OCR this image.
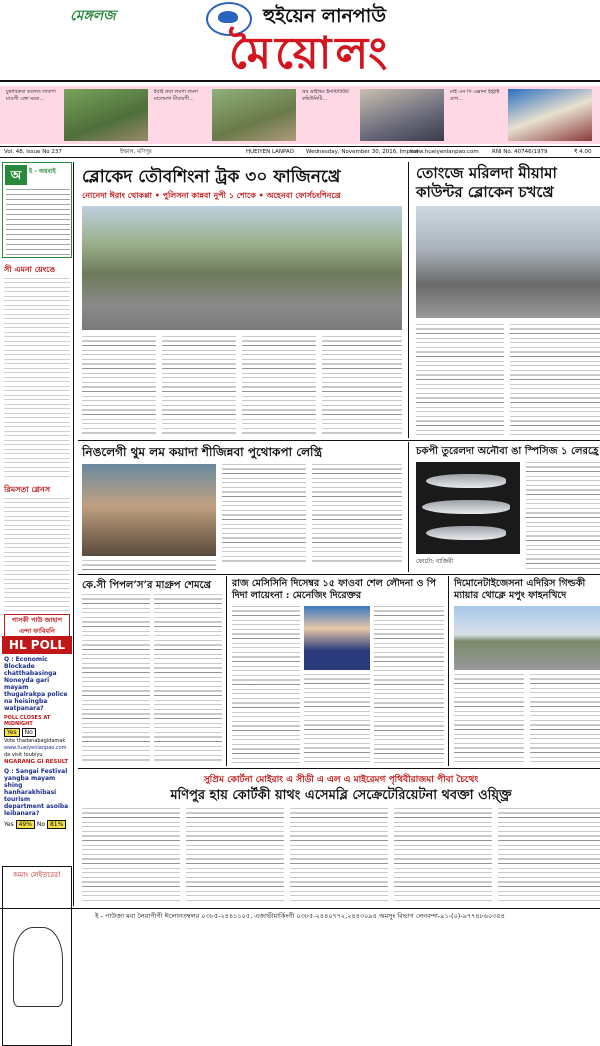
মেঙ্গলজ	হুইয়েন লানপাউ
মৈয়োলং
চুম্বাবিরুবা কলেজ লাকপা মাঙগী এঙ্গা মরক...
ইবাই রুবা লমগা লমদা মালেমগা মীয়ামগী...
ম্রয় দ্রাইভিং ইনস্টিটিউট কমিউনিটি...
মাই এন সি এক্সানা ইন্ট্রাক্ট দ্রাগ...
Vol. 48, Issue No 237	ইম্ফাল, মণিপুর	HUEIYEN LANPAO Wednesday, November 30, 2016, Imphal
www.hueiyenlanpao.com RNI No. 40746/1979	₹ 4.00
অ	ই - অয়বাই
সী এমনা য়েংঙে
রিমসতা গ্লেনস
গাসকী পাউ জাহাপ এন্দা ফাবিবনি
HL POLL
Q : Economic Blockade chatthabasinga Noneyda gari mayam thugalrakpa police na heisingba watpanara?
POLL CLOSES AT MIDNIGHT
Yes No
Vote thadanabagidamak
www.hueiyenlanpao.com
da visit toubiyu
NGARANG GI RESULT
Q : Sangai Festival yangba mayam shing hanharakhibasi tourism department asoiba leibanara?
Yes 49% No 81%
অমাং লেইতরের!
ব্লোকেদ তৌবশিংনা ট্রক ৩০ ফাজিনখ্রে
নোনেদা ঈরাং থোকপ্পা • পুলিসনা কান্নবা নুপী ১ শোকে • অহেনবা ফোর্সচংশিনখ্রে
তোংজে মরিলদা মীয়ামা কাউন্টর ব্লোকেন চখখ্রে
নিঙলেগী থুম লম কয়াদা শীজিন্নবা পুথোকপা লেপ্ত্রি	চকপী তুরেলদা অনৌবা ঙা স্পিসিজ ১ লেরহ্রে
ফোটো: বাজিরী
কে.সী পিপল’স’র মাগ্রুপ শেমখ্রে	রাজ মেসিসিনি দিসেম্বর ১৫ ফাওবা শেল লৌদনা ও পি দিদা লায়েংনা : মেনেজিং দিরেক্তর
দিমোনেটাইজেসনা এদিরিস গিল্ডকী ম্যায়ার থোক্লে মপুং ফাহনখিদে
সুপ্রিম কোর্টনা মোইরাং এ সীডী এ এল এ মাইরেমগ পৃথিবীরাজমা পীবা চৈথেং
মণিপুর হায় কোর্টকী য়াথং এসেমব্লি সেক্রেটেরিয়েটনা থবক্তা ওয়্ক্ত্রি
ই - পাউজা মবা লৈরাপীগী ঈলোনতম্বলর ০৩৮৫-২৪৪১১০৫, এজাভীমার্কিংগী ০৩৮৫-২৪৪০৭৭২,২৪৪৩০৯৪ অমসুং বিভাগ লেনবন্দা-৯১-(০)-৯৭৭৪৮৬০৩৫৪
